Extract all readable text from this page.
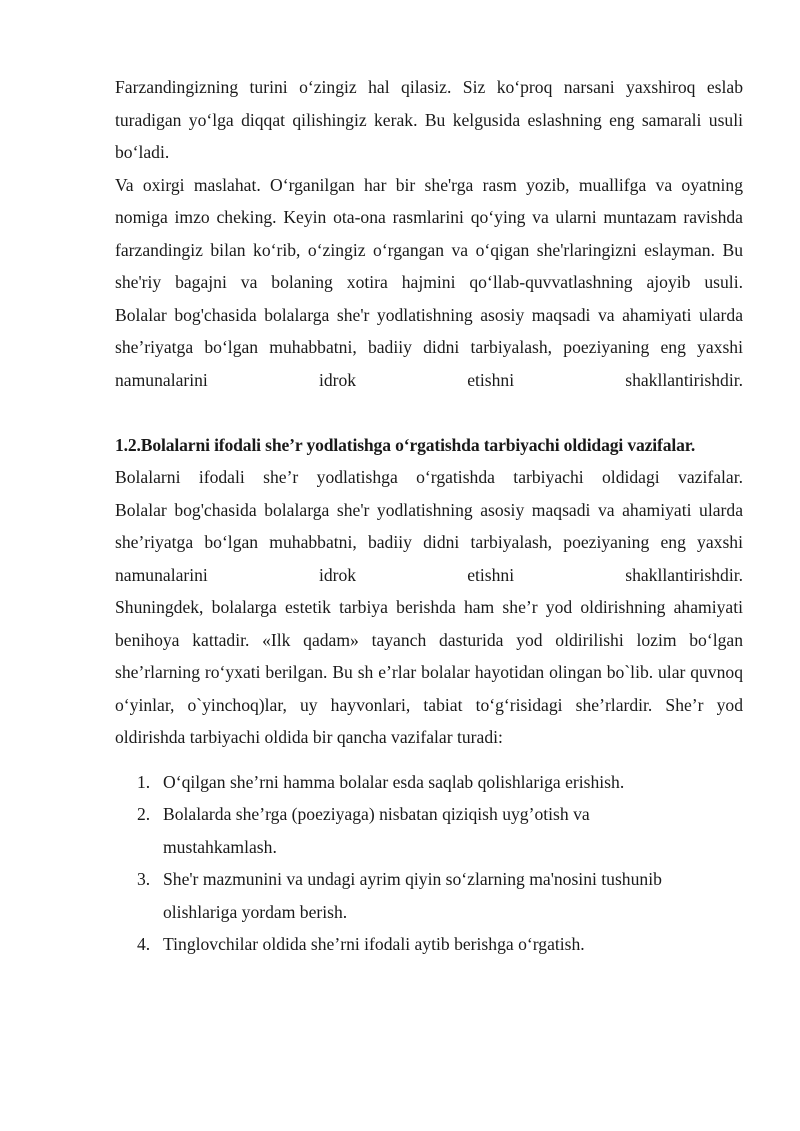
Farzandingizning turini o‘zingiz hal qilasiz. Siz ko‘proq narsani yaxshiroq eslab turadigan yo‘lga diqqat qilishingiz kerak. Bu kelgusida eslashning eng samarali usuli bo‘ladi.

Va oxirgi maslahat. O‘rganilgan har bir she'rga rasm yozib, muallifga va oyatning nomiga imzo cheking. Keyin ota-ona rasmlarini qo‘ying va ularni muntazam ravishda farzandingiz bilan ko‘rib, o‘zingiz o‘rgangan va o‘qigan she'rlaringizni eslayman. Bu she'riy bagajni va bolaning xotira hajmini qo‘llab-quvvatlashning ajoyib usuli.

Bolalar bog'chasida bolalarga she'r yodlatishning asosiy maqsadi va ahamiyati ularda she’riyatga bo‘lgan muhabbatni, badiiy didni tarbiyalash, poeziyaning eng yaxshi namunalarini idrok etishni shakllantirishdir.

1.2.Bolalarni ifodali she’r yodlatishga o‘rgatishda tarbiyachi oldidagi vazifalar.

Bolalarni ifodali she’r yodlatishga o‘rgatishda tarbiyachi oldidagi vazifalar.

Bolalar bog'chasida bolalarga she'r yodlatishning asosiy maqsadi va ahamiyati ularda she’riyatga bo‘lgan muhabbatni, badiiy didni tarbiyalash, poeziyaning eng yaxshi namunalarini idrok etishni shakllantirishdir.

Shuningdek, bolalarga estetik tarbiya berishda ham she’r yod oldirishning ahamiyati benihoya kattadir. «Ilk qadam» tayanch dasturida yod oldirilishi lozim bo‘lgan she’rlarning ro‘yxati berilgan. Bu sh e’rlar bolalar hayotidan olingan bo`lib. ular quvnoq o‘yinlar, o`yinchoq)lar, uy hayvonlari, tabiat to‘g‘risidagi she’rlardir. She’r yod oldirishda tarbiyachi oldida bir qancha vazifalar turadi:

1. O‘qilgan she’rni hamma bolalar esda saqlab qolishlariga erishish.
2. Bolalarda she’rga (poeziyaga) nisbatan qiziqish uyg’otish va mustahkamlash.
3. She'r mazmunini va undagi ayrim qiyin so‘zlarning ma'nosini tushunib olishlariga yordam berish.
4. Tinglovchilar oldida she’rni ifodali aytib berishga o‘rgatish.
